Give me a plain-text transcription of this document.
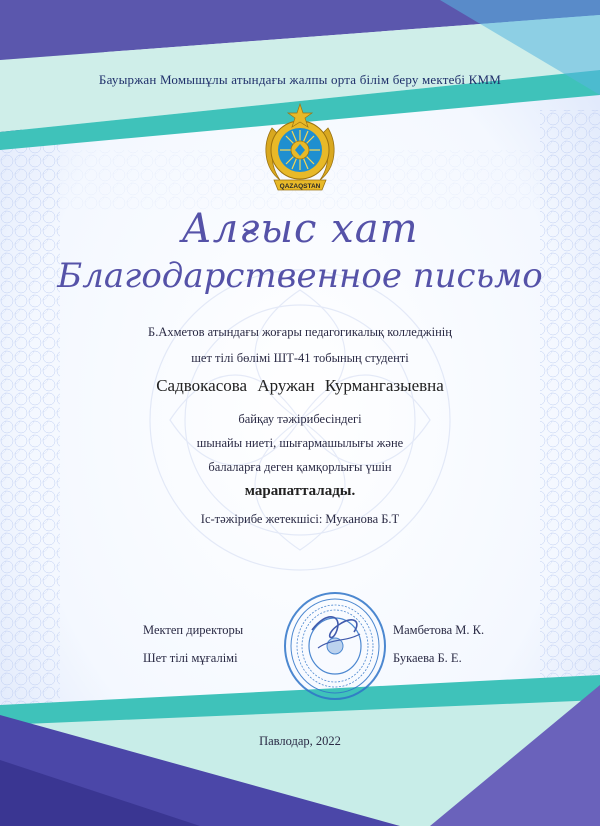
QAZAQSTAN
Бауыржан Момышұлы атындағы жалпы орта білім беру мектебі КММ
Алғыс хат
Благодарственное письмо
Б.Ахметов атындағы жоғары педагогикалық колледжінің
шет тілі бөлімі ШТ-41 тобының студенті
Садвокасова Аружан Курмангазыевна
байқау тәжірибесіндегі
шынайы ниеті, шығармашылығы және
балаларға деген қамқорлығы үшін
марапатталады.
Іс-тәжірибе жетекшісі: Муканова Б.Т
Мектеп директоры	Мамбетова М. К.
Шет тілі мұғалімі	Букаева Б. Е.
Павлодар, 2022
